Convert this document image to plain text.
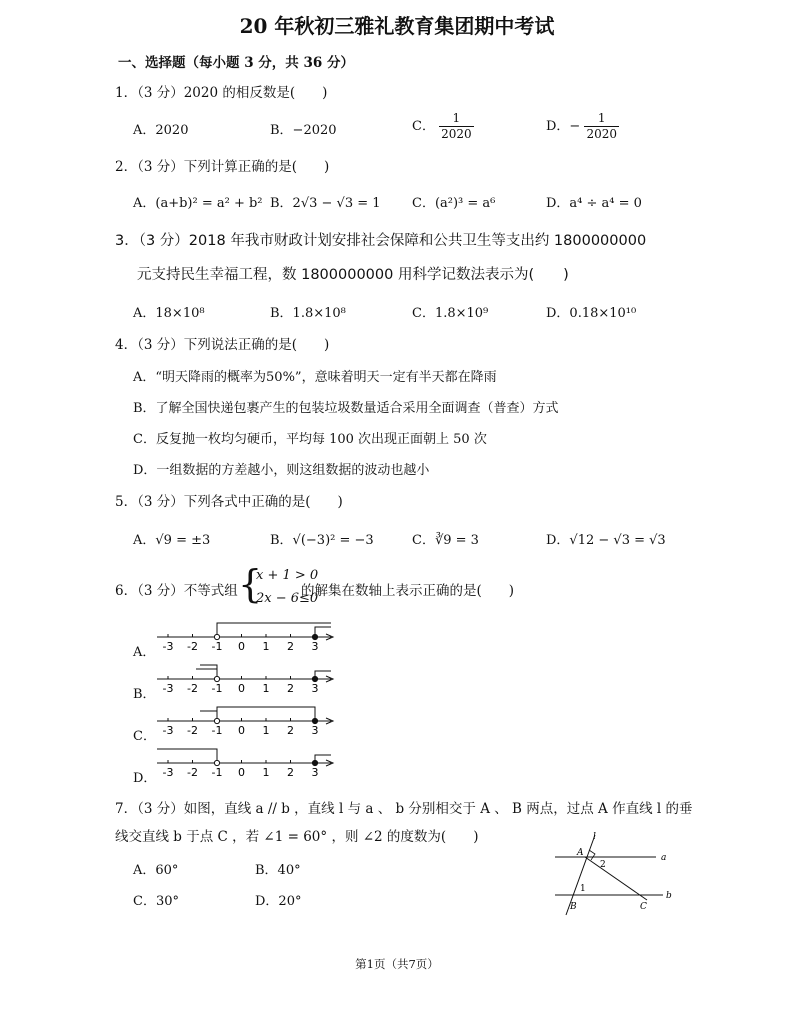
20 年秋初三雅礼教育集团期中考试
一、选择题（每小题 3 分，共 36 分）
1．（3 分）2020 的相反数是(　　)
A．2020	B．−2020	C． $\frac{1}{2020}$	D．− $\frac{1}{2020}$
2．（3 分）下列计算正确的是(　　)
A．(a+b)² = a² + b² B．2√3 − √3 = 1 C．(a²)³ = a⁶	D．a⁴ ÷ a⁴ = 0
3．（3 分）2018 年我市财政计划安排社会保障和公共卫生等支出约 1800000000
元支持民生幸福工程，数 1800000000 用科学记数法表示为(　　)
A．18×10⁸	B．1.8×10⁸	C．1.8×10⁹	D．0.18×10¹⁰
4．（3 分）下列说法正确的是(　　)
A．“明天降雨的概率为50%”，意味着明天一定有半天都在降雨
B．了解全国快递包裹产生的包装垃圾数量适合采用全面调查（普查）方式
C．反复抛一枚均匀硬币，平均每 100 次出现正面朝上 50 次
D．一组数据的方差越小，则这组数据的波动也越小
5．（3 分）下列各式中正确的是(　　)
A．√9 = ±3	B．√(−3)² = −3	C．∛9 = 3	D．√12 − √3 = √3
6．（3 分）不等式组 {
x + 1 > 0
2x − 6≤0
的解集在数轴上表示正确的是(　　)
A．
B．
C．
D．
-3 -2 -1 0 1 2 3
-3 -2 -1 0 1 2 3
-3 -2 -1 0 1 2 3
-3 -2 -1 0 1 2 3
7．（3 分）如图，直线 a // b ，直线 l 与 a 、 b 分别相交于 A 、 B 两点，过点 A 作直线 l 的垂
线交直线 b 于点 C ，若 ∠1 = 60° ，则 ∠2 的度数为(　　)
A．60°	B．40°
C．30°	D．20°
l
a
b
A
B	C
1
2
第1页（共7页）
